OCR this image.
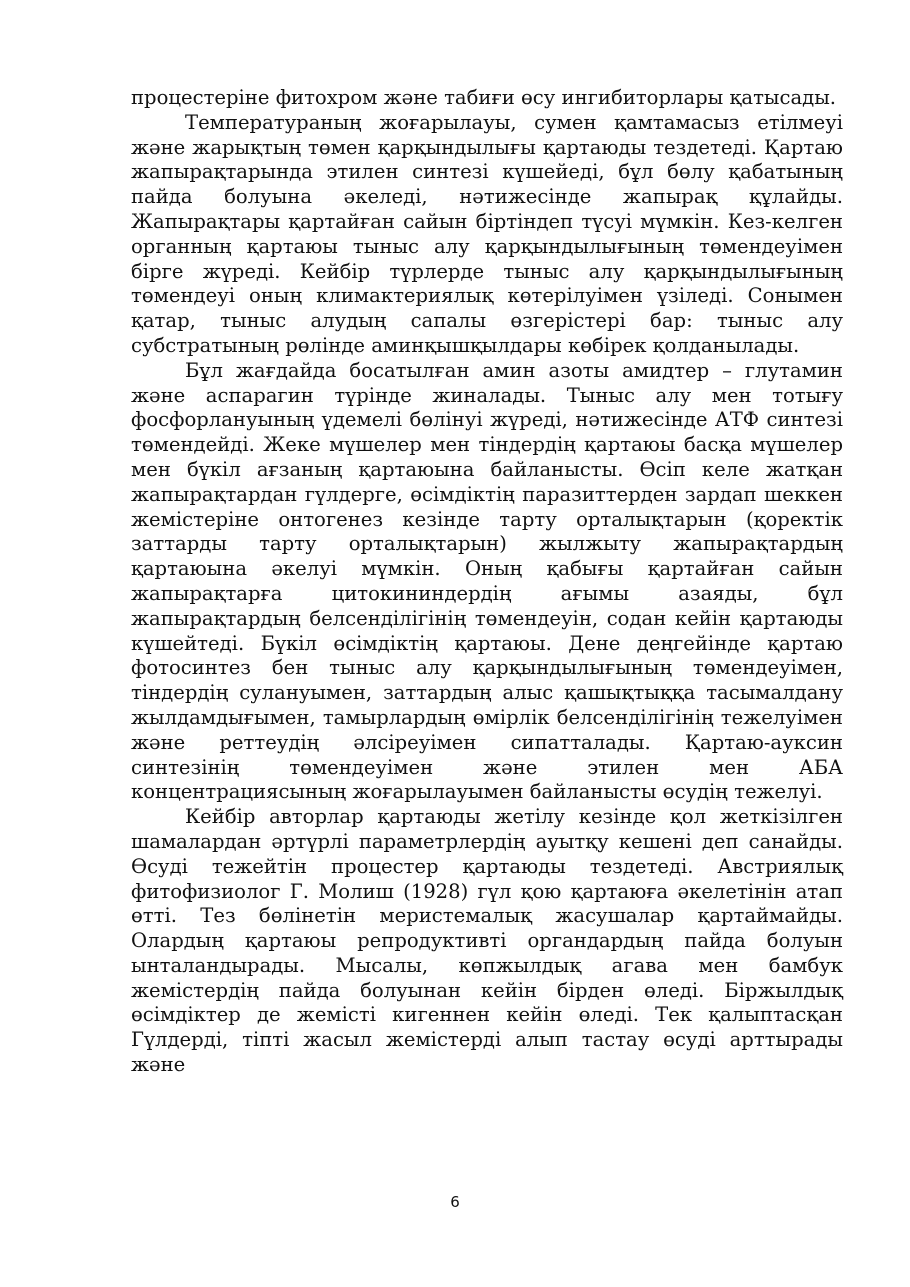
процестеріне фитохром және табиғи өсу ингибиторлары қатысады.

Температураның жоғарылауы, сумен қамтамасыз етілмеуі және жарықтың төмен қарқындылығы қартаюды тездетеді. Қартаю жапырақтарында этилен синтезі күшейеді, бұл бөлу қабатының пайда болуына әкеледі, нәтижесінде жапырақ құлайды. Жапырақтары қартайған сайын біртіндеп түсуі мүмкін. Кез-келген органның қартаюы тыныс алу қарқындылығының төмендеуімен бірге жүреді. Кейбір түрлерде тыныс алу қарқындылығының төмендеуі оның климактериялық көтерілуімен үзіледі. Сонымен қатар, тыныс алудың сапалы өзгерістері бар: тыныс алу субстратының рөлінде аминқышқылдары көбірек қолданылады.

Бұл жағдайда босатылған амин азоты амидтер – глутамин және аспарагин түрінде жиналады. Тыныс алу мен тотығу фосфорлануының үдемелі бөлінуі жүреді, нәтижесінде АТФ синтезі төмендейді. Жеке мүшелер мен тіндердің қартаюы басқа мүшелер мен бүкіл ағзаның қартаюына байланысты. Өсіп келе жатқан жапырақтардан гүлдерге, өсімдіктің паразиттерден зардап шеккен жемістеріне онтогенез кезінде тарту орталықтарын (қоректік заттарды тарту орталықтарын) жылжыту жапырақтардың қартаюына әкелуі мүмкін. Оның қабығы қартайған сайын жапырақтарға цитокининдердің ағымы азаяды, бұл жапырақтардың белсенділігінің төмендеуін, содан кейін қартаюды күшейтеді. Бүкіл өсімдіктің қартаюы. Дене деңгейінде қартаю фотосинтез бен тыныс алу қарқындылығының төмендеуімен, тіндердің сулануымен, заттардың алыс қашықтыққа тасымалдану жылдамдығымен, тамырлардың өмірлік белсенділігінің тежелуімен және реттеудің әлсіреуімен сипатталады. Қартаю-ауксин синтезінің төмендеуімен және этилен мен АБА концентрациясының жоғарылауымен байланысты өсудің тежелуі.

Кейбір авторлар қартаюды жетілу кезінде қол жеткізілген шамалардан әртүрлі параметрлердің ауытқу кешені деп санайды. Өсуді тежейтін процестер қартаюды тездетеді. Австриялық фитофизиолог Г. Молиш (1928) гүл қою қартаюға әкелетінін атап өтті. Тез бөлінетін меристемалық жасушалар қартаймайды. Олардың қартаюы репродуктивті органдардың пайда болуын ынталандырады. Мысалы, көпжылдық агава мен бамбук жемістердің пайда болуынан кейін бірден өледі. Біржылдық өсімдіктер де жемісті кигеннен кейін өледі. Тек қалыптасқан Гүлдерді, тіпті жасыл жемістерді алып тастау өсуді арттырады және

6
